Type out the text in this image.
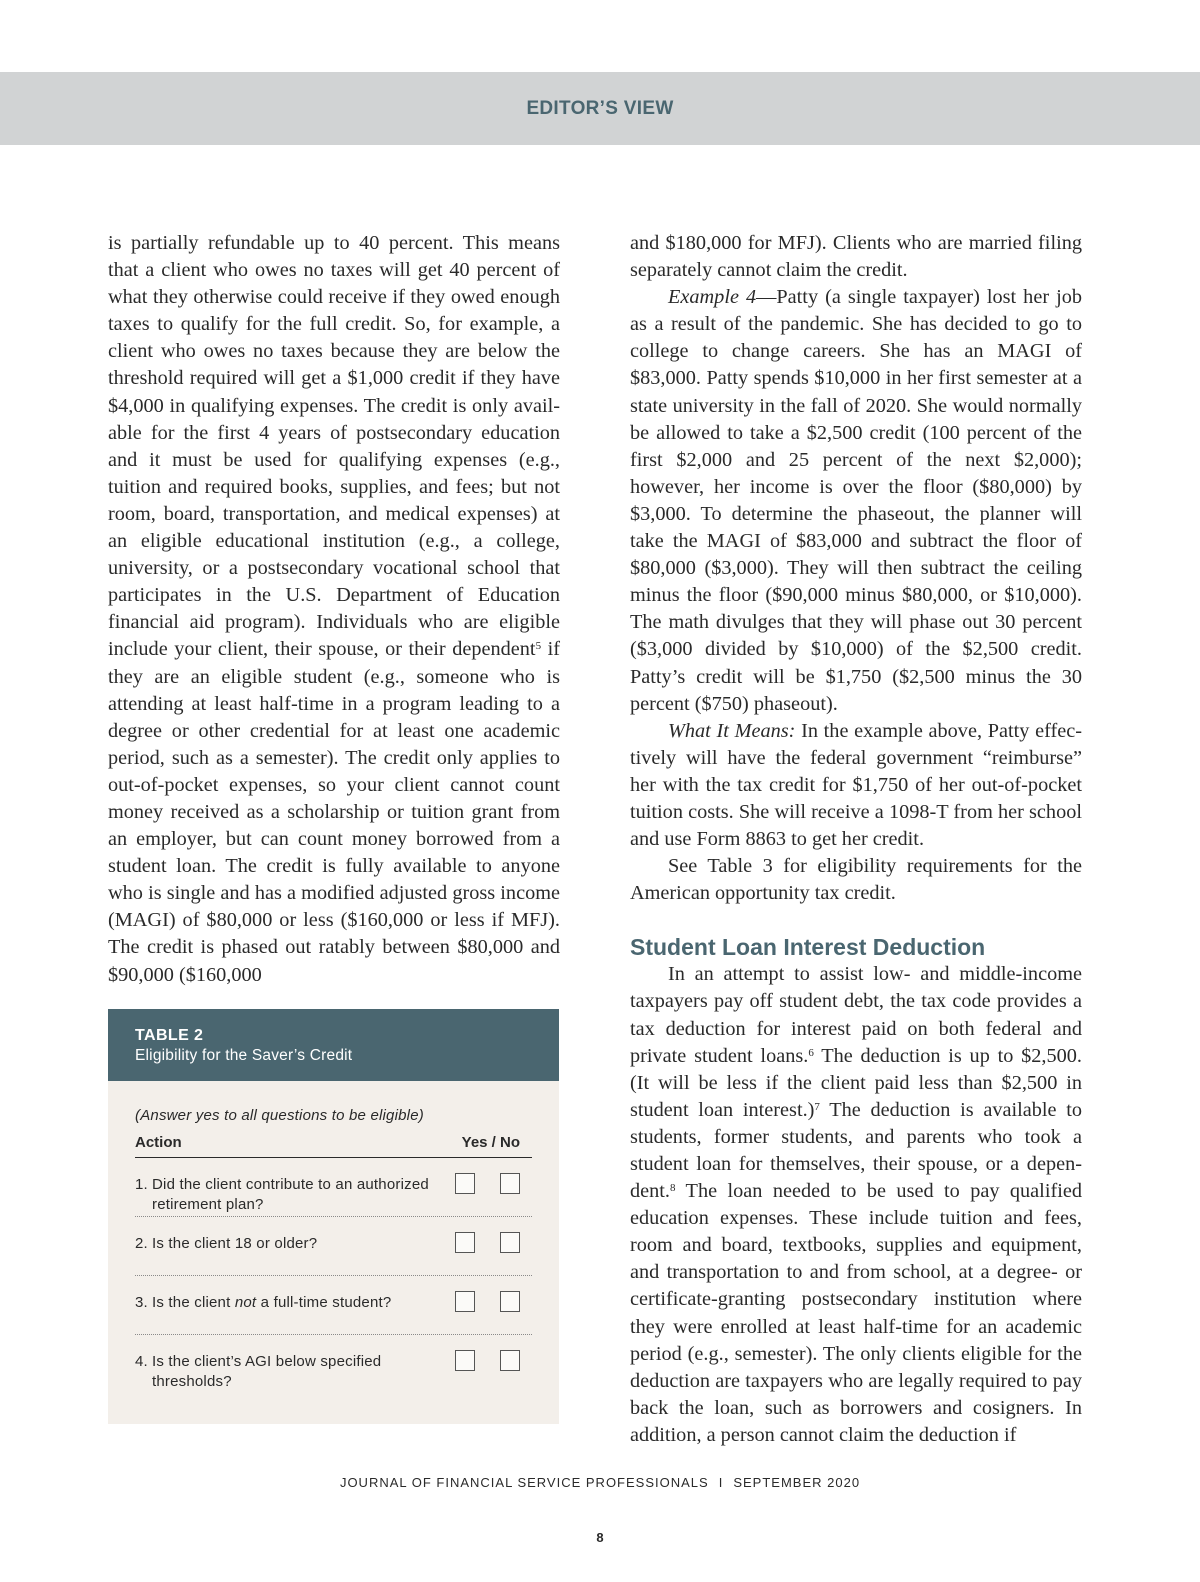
EDITOR’S VIEW

is partially refundable up to 40 percent. This means that a client who owes no taxes will get 40 percent of what they otherwise could receive if they owed enough taxes to qualify for the full credit. So, for example, a client who owes no taxes because they are below the threshold required will get a $1,000 credit if they have $4,000 in qualifying expenses. The credit is only available for the first 4 years of postsecondary education and it must be used for qualifying expenses (e.g., tuition and required books, supplies, and fees; but not room, board, transportation, and medical expenses) at an eligible educational institution (e.g., a college, university, or a postsecondary vocational school that participates in the U.S. Department of Education financial aid program). Individuals who are eligible include your client, their spouse, or their dependent$^5$ if they are an eligible student (e.g., someone who is attending at least half-time in a program leading to a degree or other credential for at least one academic period, such as a semester). The credit only applies to out-of-pocket expenses, so your client cannot count money received as a scholarship or tuition grant from an employer, but can count money borrowed from a student loan. The credit is fully available to anyone who is single and has a modified adjusted gross income (MAGI) of $80,000 or less ($160,000 or less if MFJ). The credit is phased out ratably between $80,000 and $90,000 ($160,000

TABLE 2
Eligibility for the Saver’s Credit
(Answer yes to all questions to be eligible)
Action	Yes / No
1. Did the client contribute to an authorized retirement plan?
2. Is the client 18 or older?
3. Is the client not a full-time student?
4. Is the client’s AGI below specified thresholds?

and $180,000 for MFJ). Clients who are married filing separately cannot claim the credit.

Example 4—Patty (a single taxpayer) lost her job as a result of the pandemic. She has decided to go to college to change careers. She has an MAGI of $83,000. Patty spends $10,000 in her first semester at a state university in the fall of 2020. She would normally be allowed to take a $2,500 credit (100 percent of the first $2,000 and 25 percent of the next $2,000); however, her income is over the floor ($80,000) by $3,000. To determine the phaseout, the planner will take the MAGI of $83,000 and subtract the floor of $80,000 ($3,000). They will then subtract the ceiling minus the floor ($90,000 minus $80,000, or $10,000). The math divulges that they will phase out 30 percent ($3,000 divided by $10,000) of the $2,500 credit. Patty’s credit will be $1,750 ($2,500 minus the 30 percent ($750) phaseout).

What It Means: In the example above, Patty effectively will have the federal government “reimburse” her with the tax credit for $1,750 of her out-of-pocket tuition costs. She will receive a 1098-T from her school and use Form 8863 to get her credit.

See Table 3 for eligibility requirements for the American opportunity tax credit.

Student Loan Interest Deduction

In an attempt to assist low- and middle-income taxpayers pay off student debt, the tax code provides a tax deduction for interest paid on both federal and private student loans.$^6$ The deduction is up to $2,500. (It will be less if the client paid less than $2,500 in student loan interest.)$^7$ The deduction is available to students, former students, and parents who took a student loan for themselves, their spouse, or a dependent.$^8$ The loan needed to be used to pay qualified education expenses. These include tuition and fees, room and board, textbooks, supplies and equipment, and transportation to and from school, at a degree- or certificate-granting postsecondary institution where they were enrolled at least half-time for an academic period (e.g., semester). The only clients eligible for the deduction are taxpayers who are legally required to pay back the loan, such as borrowers and cosigners. In addition, a person cannot claim the deduction if

JOURNAL OF FINANCIAL SERVICE PROFESSIONALS I SEPTEMBER 2020
8
